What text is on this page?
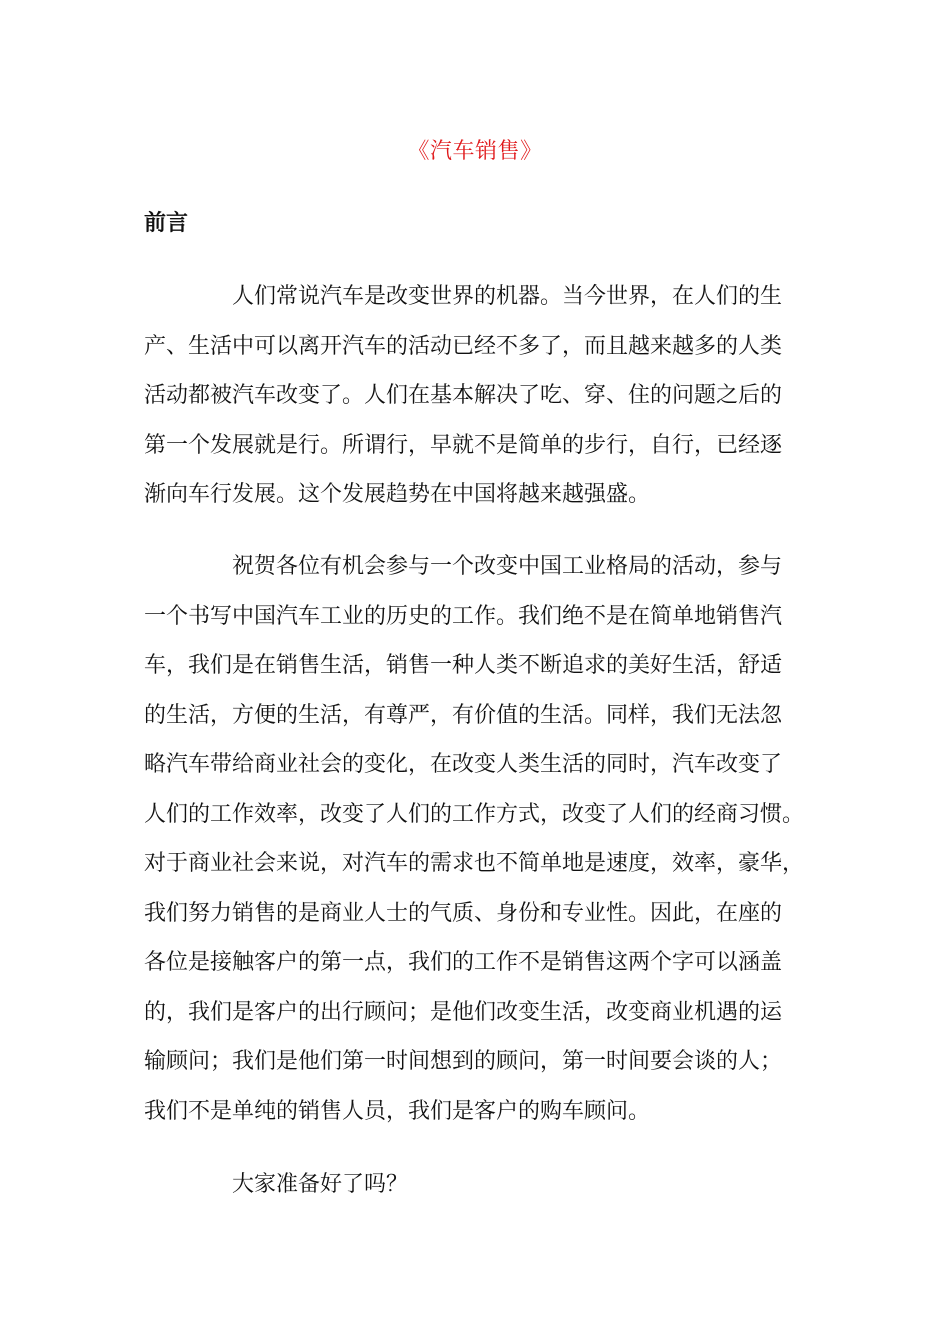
《汽车销售》
前言
人们常说汽车是改变世界的机器。当今世界，在人们的生
产、生活中可以离开汽车的活动已经不多了，而且越来越多的人类
活动都被汽车改变了。人们在基本解决了吃、穿、住的问题之后的
第一个发展就是行。所谓行，早就不是简单的步行，自行，已经逐
渐向车行发展。这个发展趋势在中国将越来越强盛。
祝贺各位有机会参与一个改变中国工业格局的活动，参与
一个书写中国汽车工业的历史的工作。我们绝不是在简单地销售汽
车，我们是在销售生活，销售一种人类不断追求的美好生活，舒适
的生活，方便的生活，有尊严，有价值的生活。同样，我们无法忽
略汽车带给商业社会的变化，在改变人类生活的同时，汽车改变了
人们的工作效率，改变了人们的工作方式，改变了人们的经商习惯。
对于商业社会来说，对汽车的需求也不简单地是速度，效率，豪华，
我们努力销售的是商业人士的气质、身份和专业性。因此，在座的
各位是接触客户的第一点，我们的工作不是销售这两个字可以涵盖
的，我们是客户的出行顾问；是他们改变生活，改变商业机遇的运
输顾问；我们是他们第一时间想到的顾问，第一时间要会谈的人；
我们不是单纯的销售人员，我们是客户的购车顾问。
大家准备好了吗？
